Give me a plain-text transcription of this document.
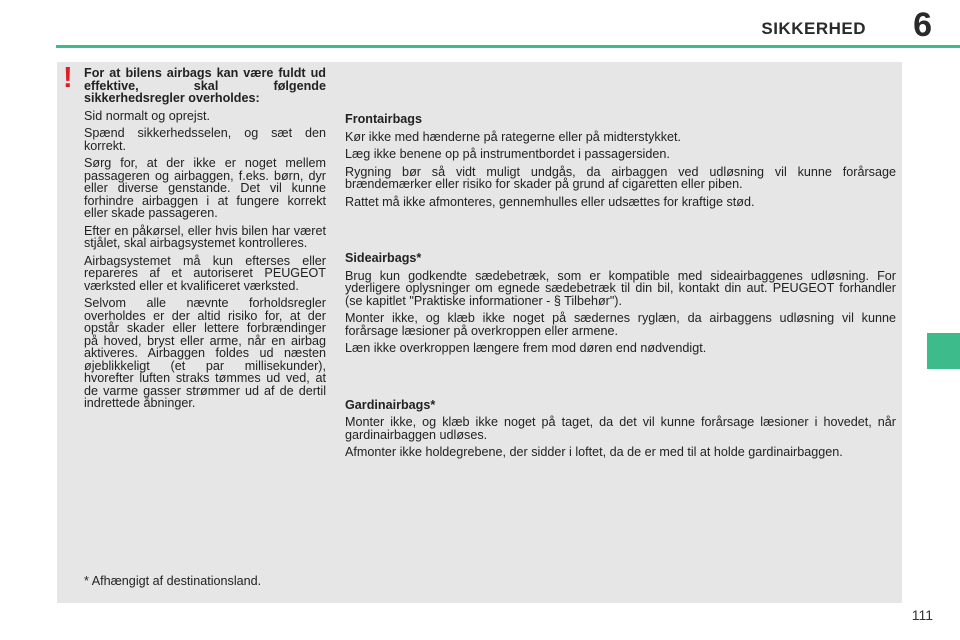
SIKKERHED 6
! For at bilens airbags kan være fuldt ud effektive, skal følgende sikkerhedsregler overholdes:

Sid normalt og oprejst.

Spænd sikkerhedsselen, og sæt den korrekt.

Sørg for, at der ikke er noget mellem passageren og airbaggen, f.eks. børn, dyr eller diverse genstande. Det vil kunne forhindre airbaggen i at fungere korrekt eller skade passageren.

Efter en påkørsel, eller hvis bilen har været stjålet, skal airbagsystemet kontrolleres.

Airbagsystemet må kun efterses eller repareres af et autoriseret PEUGEOT værksted eller et kvalificeret værksted.

Selvom alle nævnte forholdsregler overholdes er der altid risiko for, at der opstår skader eller lettere forbrændinger på hoved, bryst eller arme, når en airbag aktiveres. Airbaggen foldes ud næsten øjeblikkeligt (et par millisekunder), hvorefter luften straks tømmes ud ved, at de varme gasser strømmer ud af de dertil indrettede åbninger.

* Afhængigt af destinationsland.
Frontairbags

Kør ikke med hænderne på rategerne eller på midterstykket.

Læg ikke benene op på instrumentbordet i passagersiden.

Rygning bør så vidt muligt undgås, da airbaggen ved udløsning vil kunne forårsage brændemærker eller risiko for skader på grund af cigaretten eller piben.

Rattet må ikke afmonteres, gennemhulles eller udsættes for kraftige stød.

Sideairbags*

Brug kun godkendte sædebetræk, som er kompatible med sideairbaggenes udløsning. For yderligere oplysninger om egnede sædebetræk til din bil, kontakt din aut. PEUGEOT forhandler (se kapitlet "Praktiske informationer - § Tilbehør").

Monter ikke, og klæb ikke noget på sædernes ryglæn, da airbaggens udløsning vil kunne forårsage læsioner på overkroppen eller armene.

Læn ikke overkroppen længere frem mod døren end nødvendigt.

Gardinairbags*

Monter ikke, og klæb ikke noget på taget, da det vil kunne forårsage læsioner i hovedet, når gardinairbaggen udløses.

Afmonter ikke holdegrebene, der sidder i loftet, da de er med til at holde gardinairbaggen.

111
